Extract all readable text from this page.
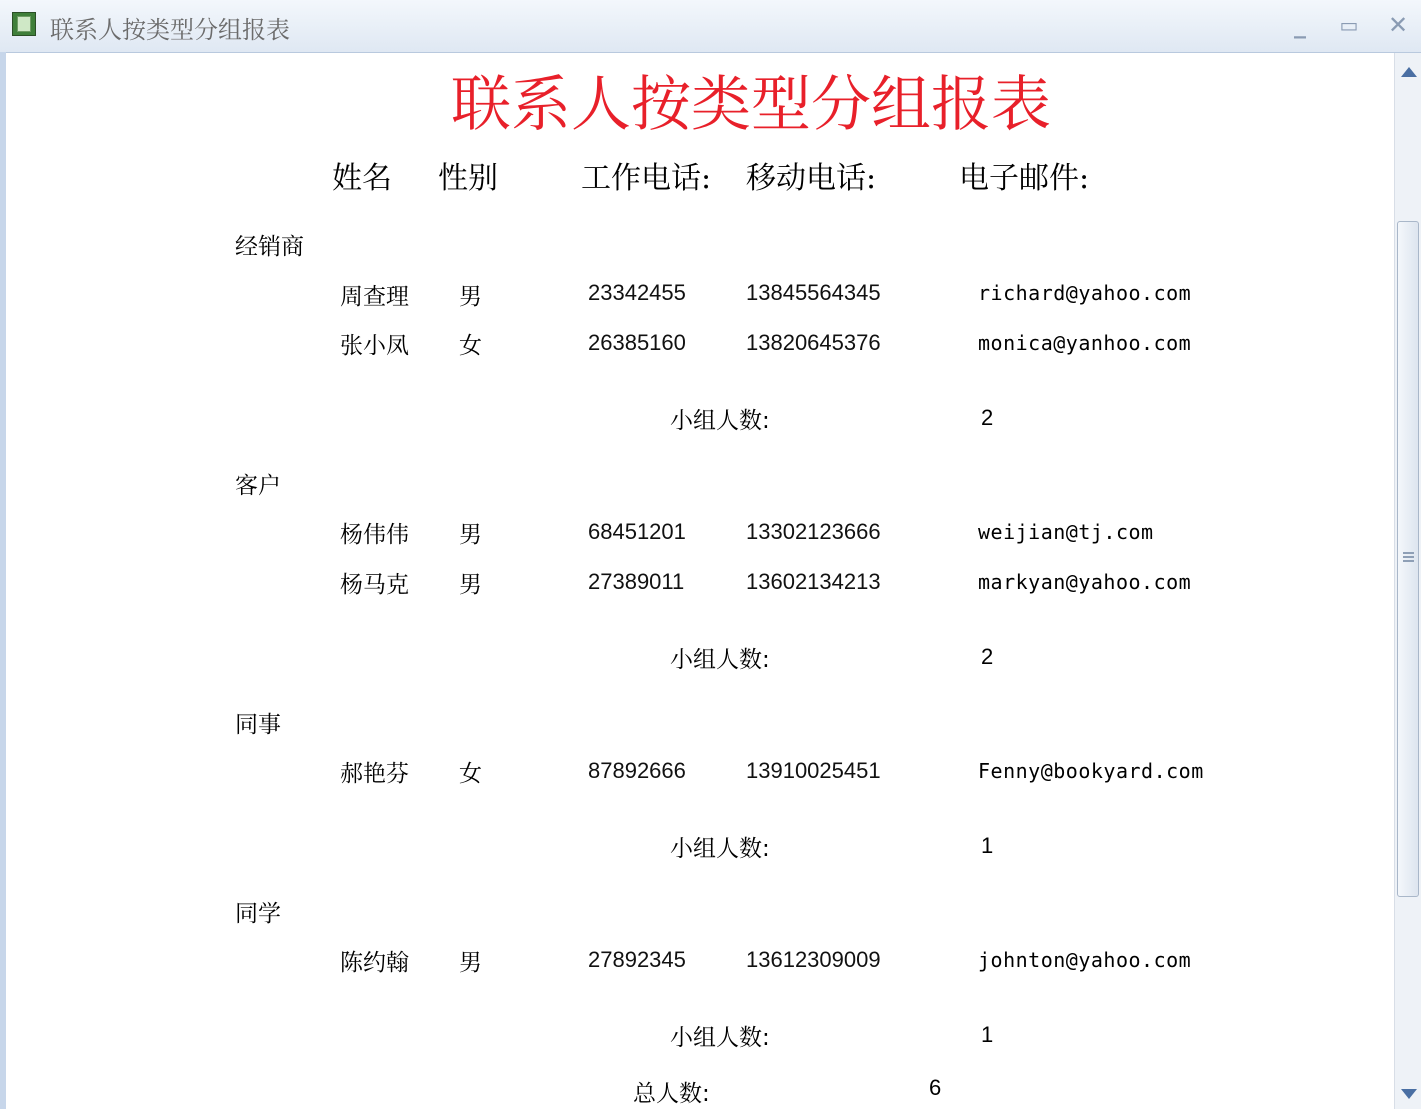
联系人按类型分组报表	_	▭ ✕
联系人按类型分组报表
姓名 性别	工作电话: 移动电话:	电子邮件:
经销商
周查理 男	23342455	13845564345	richard@yahoo.com
张小凤 女	26385160	13820645376	monica@yanhoo.com
小组人数:	2
客户
杨伟伟 男	68451201	13302123666	weijian@tj.com
杨马克 男	27389011	13602134213	markyan@yahoo.com
小组人数:	2
同事
郝艳芬 女	87892666	13910025451	Fenny@bookyard.com
小组人数:	1
同学
陈约翰 男	27892345	13612309009	johnton@yahoo.com
小组人数:	1
总人数:	6
